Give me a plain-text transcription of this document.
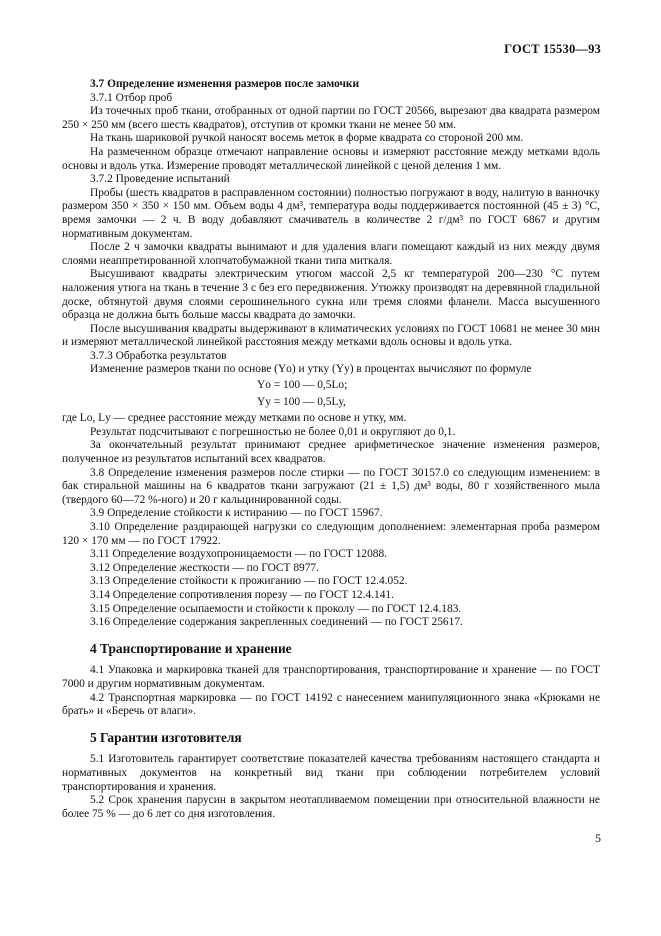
ГОСТ 15530—93

3.7 Определение изменения размеров после замочки

3.7.1 Отбор проб

Из точечных проб ткани, отобранных от одной партии по ГОСТ 20566, вырезают два квадрата размером 250 × 250 мм (всего шесть квадратов), отступив от кромки ткани не менее 50 мм.

На ткань шариковой ручкой наносят восемь меток в форме квадрата со стороной 200 мм.

На размеченном образце отмечают направление основы и измеряют расстояние между метками вдоль основы и вдоль утка. Измерение проводят металлической линейкой с ценой деления 1 мм.

3.7.2 Проведение испытаний

Пробы (шесть квадратов в расправленном состоянии) полностью погружают в воду, налитую в ванночку размером 350 × 350 × 150 мм. Объем воды 4 дм³, температура воды поддерживается постоянной (45 ± 3) °С, время замочки — 2 ч. В воду добавляют смачиватель в количестве 2 г/дм³ по ГОСТ 6867 и другим нормативным документам.

После 2 ч замочки квадраты вынимают и для удаления влаги помещают каждый из них между двумя слоями неаппретированной хлопчатобумажной ткани типа миткаля.

Высушивают квадраты электрическим утюгом массой 2,5 кг температурой 200—230 °С путем наложения утюга на ткань в течение 3 с без его передвижения. Утюжку производят на деревянной гладильной доске, обтянутой двумя слоями серошинельного сукна или тремя слоями фланели. Масса высушенного образца не должна быть больше массы квадрата до замочки.

После высушивания квадраты выдерживают в климатических условиях по ГОСТ 10681 не менее 30 мин и измеряют металлической линейкой расстояния между метками вдоль основы и вдоль утка.

3.7.3 Обработка результатов

Изменение размеров ткани по основе (Yо) и утку (Yу) в процентах вычисляют по формуле

Yо = 100 — 0,5Lо;

Yу = 100 — 0,5Lу,

где Lо, Lу — среднее расстояние между метками по основе и утку, мм.

Результат подсчитывают с погрешностью не более 0,01 и округляют до 0,1.

За окончательный результат принимают среднее арифметическое значение изменения размеров, полученное из результатов испытаний всех квадратов.

3.8 Определение изменения размеров после стирки — по ГОСТ 30157.0 со следующим изменением: в бак стиральной машины на 6 квадратов ткани загружают (21 ± 1,5) дм³ воды, 80 г хозяйственного мыла (твердого 60—72 %-ного) и 20 г кальцинированной соды.

3.9 Определение стойкости к истиранию — по ГОСТ 15967.

3.10 Определение раздирающей нагрузки со следующим дополнением: элементарная проба размером 120 × 170 мм — по ГОСТ 17922.

3.11 Определение воздухопроницаемости — по ГОСТ 12088.

3.12 Определение жесткости — по ГОСТ 8977.

3.13 Определение стойкости к прожиганию — по ГОСТ 12.4.052.

3.14 Определение сопротивления порезу — по ГОСТ 12.4.141.

3.15 Определение осыпаемости и стойкости к проколу — по ГОСТ 12.4.183.

3.16 Определение содержания закрепленных соединений — по ГОСТ 25617.

4 Транспортирование и хранение

4.1 Упаковка и маркировка тканей для транспортирования, транспортирование и хранение — по ГОСТ 7000 и другим нормативным документам.

4.2 Транспортная маркировка — по ГОСТ 14192 с нанесением манипуляционного знака «Крюками не брать» и «Беречь от влаги».

5 Гарантии изготовителя

5.1 Изготовитель гарантирует соответствие показателей качества требованиям настоящего стандарта и нормативных документов на конкретный вид ткани при соблюдении потребителем условий транспортирования и хранения.

5.2 Срок хранения парусин в закрытом неотапливаемом помещении при относительной влажности не более 75 % — до 6 лет со дня изготовления.

5
